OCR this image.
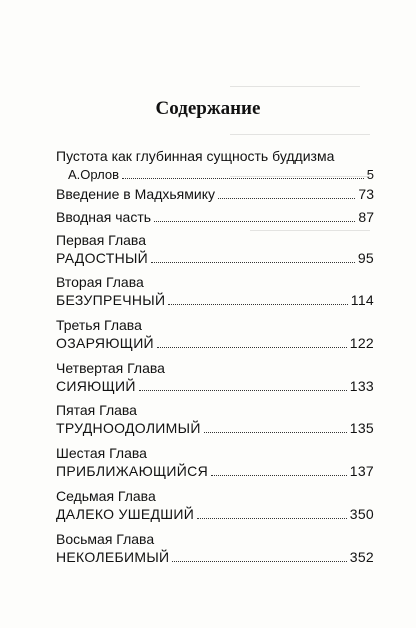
Содержание
Пустота как глубинная сущность буддизма
А.Орлов	5
Введение в Мадхьямику	73
Вводная часть	87
Первая Глава
РАДОСТНЫЙ	95
Вторая Глава
БЕЗУПРЕЧНЫЙ	114
Третья Глава
ОЗАРЯЮЩИЙ	122
Четвертая Глава
СИЯЮЩИЙ	133
Пятая Глава
ТРУДНООДОЛИМЫЙ	135
Шестая Глава
ПРИБЛИЖАЮЩИЙСЯ	137
Седьмая Глава
ДАЛЕКО УШЕДШИЙ	350
Восьмая Глава
НЕКОЛЕБИМЫЙ	352
